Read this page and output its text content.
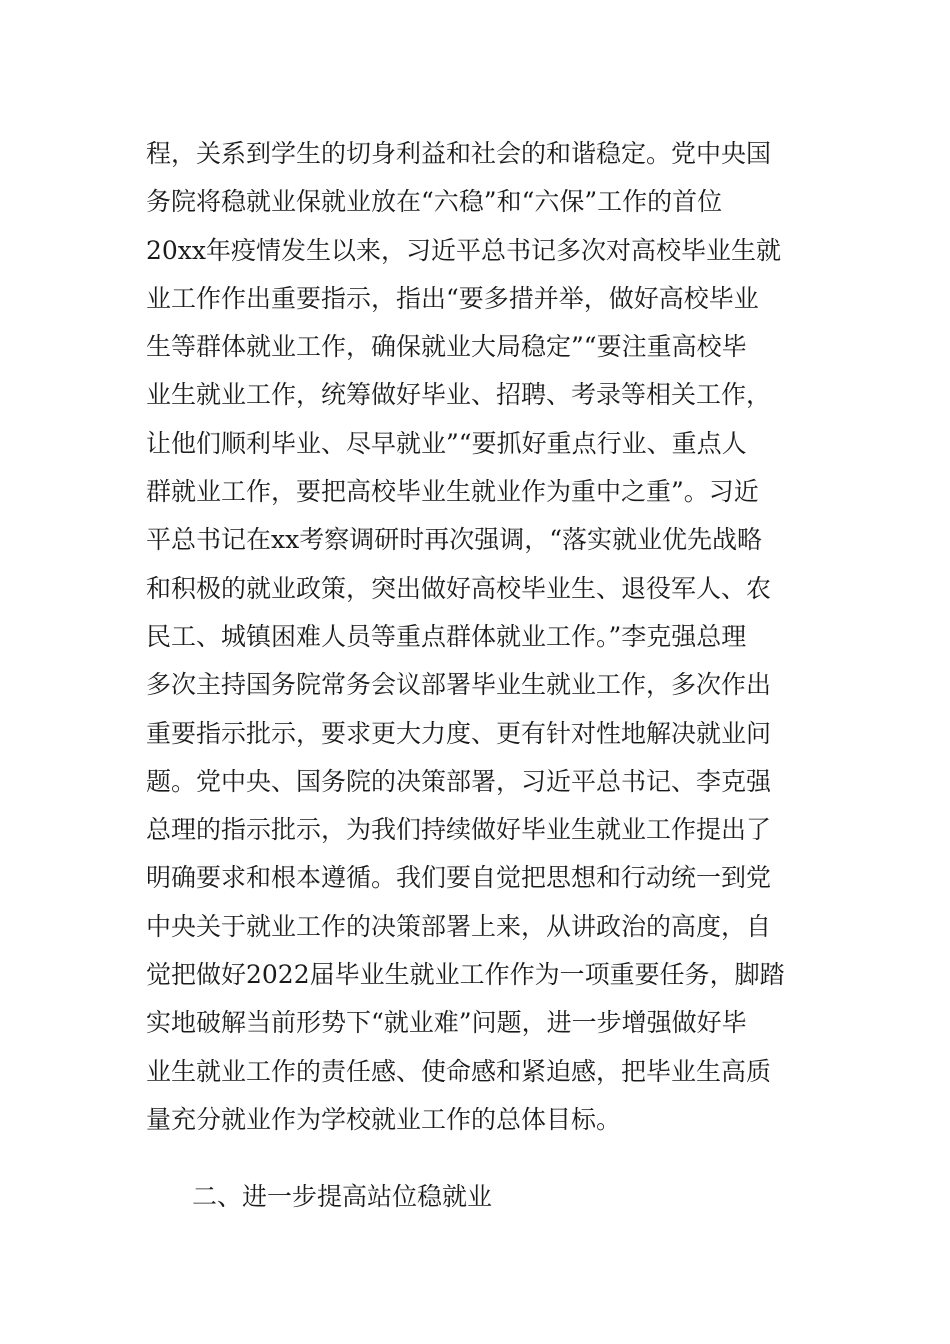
程，关系到学生的切身利益和社会的和谐稳定。党中央国
务院将稳就业保就业放在“六稳”和“六保”工作的首位
20xx年疫情发生以来，习近平总书记多次对高校毕业生就
业工作作出重要指示，指出“要多措并举，做好高校毕业
生等群体就业工作，确保就业大局稳定”“要注重高校毕
业生就业工作，统筹做好毕业、招聘、考录等相关工作，
让他们顺利毕业、尽早就业”“要抓好重点行业、重点人
群就业工作，要把高校毕业生就业作为重中之重”。习近
平总书记在xx考察调研时再次强调，“落实就业优先战略
和积极的就业政策，突出做好高校毕业生、退役军人、农
民工、城镇困难人员等重点群体就业工作。”李克强总理
多次主持国务院常务会议部署毕业生就业工作，多次作出
重要指示批示，要求更大力度、更有针对性地解决就业问
题。党中央、国务院的决策部署，习近平总书记、李克强
总理的指示批示，为我们持续做好毕业生就业工作提出了
明确要求和根本遵循。我们要自觉把思想和行动统一到党
中央关于就业工作的决策部署上来，从讲政治的高度，自
觉把做好2022届毕业生就业工作作为一项重要任务，脚踏
实地破解当前形势下“就业难”问题，进一步增强做好毕
业生就业工作的责任感、使命感和紧迫感，把毕业生高质
量充分就业作为学校就业工作的总体目标。
二、进一步提高站位稳就业
